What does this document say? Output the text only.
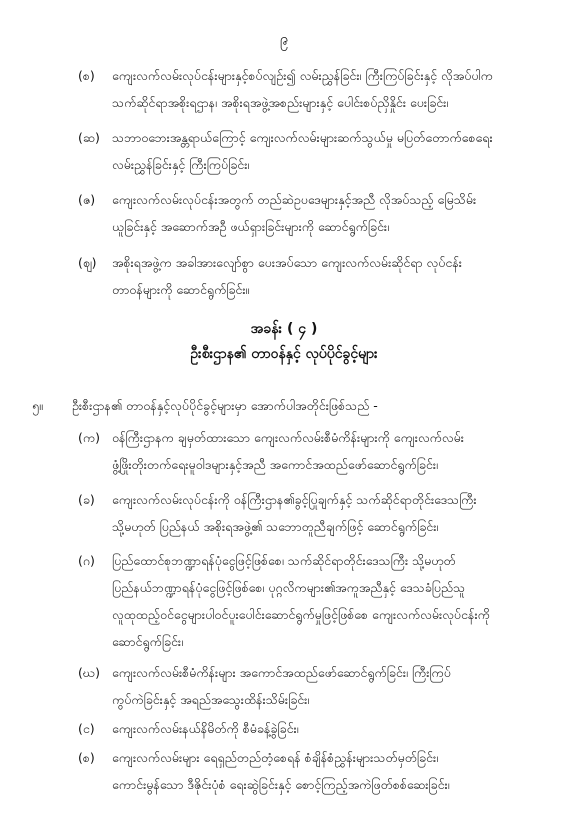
၉
(စ) ကျေးလက်လမ်းလုပ်ငန်းများနှင့်စပ်လျဉ်း၍ လမ်းညွှန်ခြင်း၊ ကြီးကြပ်ခြင်းနှင့် လိုအပ်ပါက
သက်ဆိုင်ရာအစိုးရဌာန၊ အစိုးရအဖွဲ့အစည်းများနှင့် ပေါင်းစပ်ညှိနှိုင်း ပေးခြင်း၊
(ဆ) သဘာဝဘေးအန္တရာယ်ကြောင့် ကျေးလက်လမ်းများဆက်သွယ်မှု မပြတ်တောက်စေရေး
လမ်းညွှန်ခြင်းနှင့် ကြီးကြပ်ခြင်း၊
(ဇ) ကျေးလက်လမ်းလုပ်ငန်းအတွက် တည်ဆဲဥပဒေများနှင့်အညီ လိုအပ်သည့် မြေသိမ်း
ယူခြင်းနှင့် အဆောက်အဦ ဖယ်ရှားခြင်းများကို ဆောင်ရွက်ခြင်း၊
(ဈ) အစိုးရအဖွဲ့က အခါအားလျော်စွာ ပေးအပ်သော ကျေးလက်လမ်းဆိုင်ရာ လုပ်ငန်း
တာဝန်များကို ဆောင်ရွက်ခြင်း။
အခန်း ( ၄ )
ဦးစီးဌာန၏ တာဝန်နှင့် လုပ်ပိုင်ခွင့်များ
၅။ ဦးစီးဌာန၏ တာဝန်နှင့်လုပ်ပိုင်ခွင့်များမှာ အောက်ပါအတိုင်းဖြစ်သည် -
(က) ဝန်ကြီးဌာနက ချမှတ်ထားသော ကျေးလက်လမ်းစီမံကိန်းများကို ကျေးလက်လမ်း
ဖွံ့ဖြိုးတိုးတက်ရေးမူဝါဒများနှင့်အညီ အကောင်အထည်ဖော်ဆောင်ရွက်ခြင်း၊
(ခ) ကျေးလက်လမ်းလုပ်ငန်းကို ဝန်ကြီးဌာန၏ခွင့်ပြုချက်နှင့် သက်ဆိုင်ရာတိုင်းဒေသကြီး
သို့မဟုတ် ပြည်နယ် အစိုးရအဖွဲ့၏ သဘောတူညီချက်ဖြင့် ဆောင်ရွက်ခြင်း၊
(ဂ) ပြည်ထောင်စုဘဏ္ဍာရန်ပုံငွေဖြင့်ဖြစ်စေ၊ သက်ဆိုင်ရာတိုင်းဒေသကြီး သို့မဟုတ်
ပြည်နယ်ဘဏ္ဍာရန်ပုံငွေဖြင့်ဖြစ်စေ၊ ပုဂ္ဂလိကများ၏အကူအညီနှင့် ဒေသခံပြည်သူ
လူထုထည့်ဝင်ငွေများပါဝင်ပူးပေါင်းဆောင်ရွက်မှုဖြင့်ဖြစ်စေ ကျေးလက်လမ်းလုပ်ငန်းကို
ဆောင်ရွက်ခြင်း၊
(ဃ) ကျေးလက်လမ်းစီမံကိန်းများ အကောင်အထည်ဖော်ဆောင်ရွက်ခြင်း၊ ကြီးကြပ်
ကွပ်ကဲခြင်းနှင့် အရည်အသွေးထိန်းသိမ်းခြင်း၊
(င) ကျေးလက်လမ်းနယ်နိမိတ်ကို စီမံခန့်ခွဲခြင်း၊
(စ) ကျေးလက်လမ်းများ ရေရှည်တည်တံ့စေရန် စံချိန်စံညွှန်းများသတ်မှတ်ခြင်း၊
ကောင်းမွန်သော ဒီဇိုင်းပုံစံ ရေးဆွဲခြင်းနှင့် စောင့်ကြည့်အကဲဖြတ်စစ်ဆေးခြင်း၊
